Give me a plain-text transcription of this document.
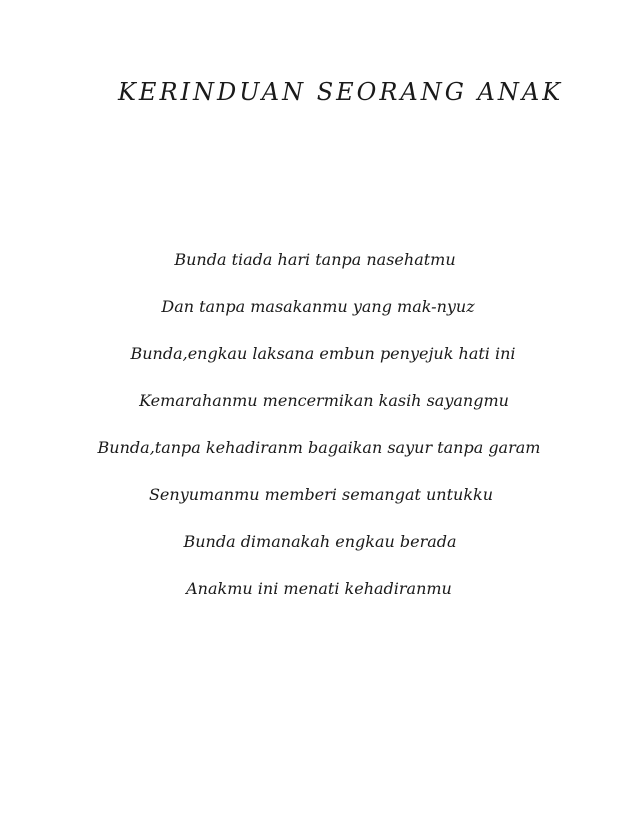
KERINDUAN SEORANG ANAK
Bunda tiada hari tanpa nasehatmu
Dan tanpa masakanmu yang mak-nyuz
Bunda,engkau laksana embun penyejuk hati ini
Kemarahanmu mencermikan kasih sayangmu
Bunda,tanpa kehadiranm bagaikan sayur tanpa garam
Senyumanmu memberi semangat untukku
Bunda dimanakah engkau berada
Anakmu ini menati kehadiranmu
